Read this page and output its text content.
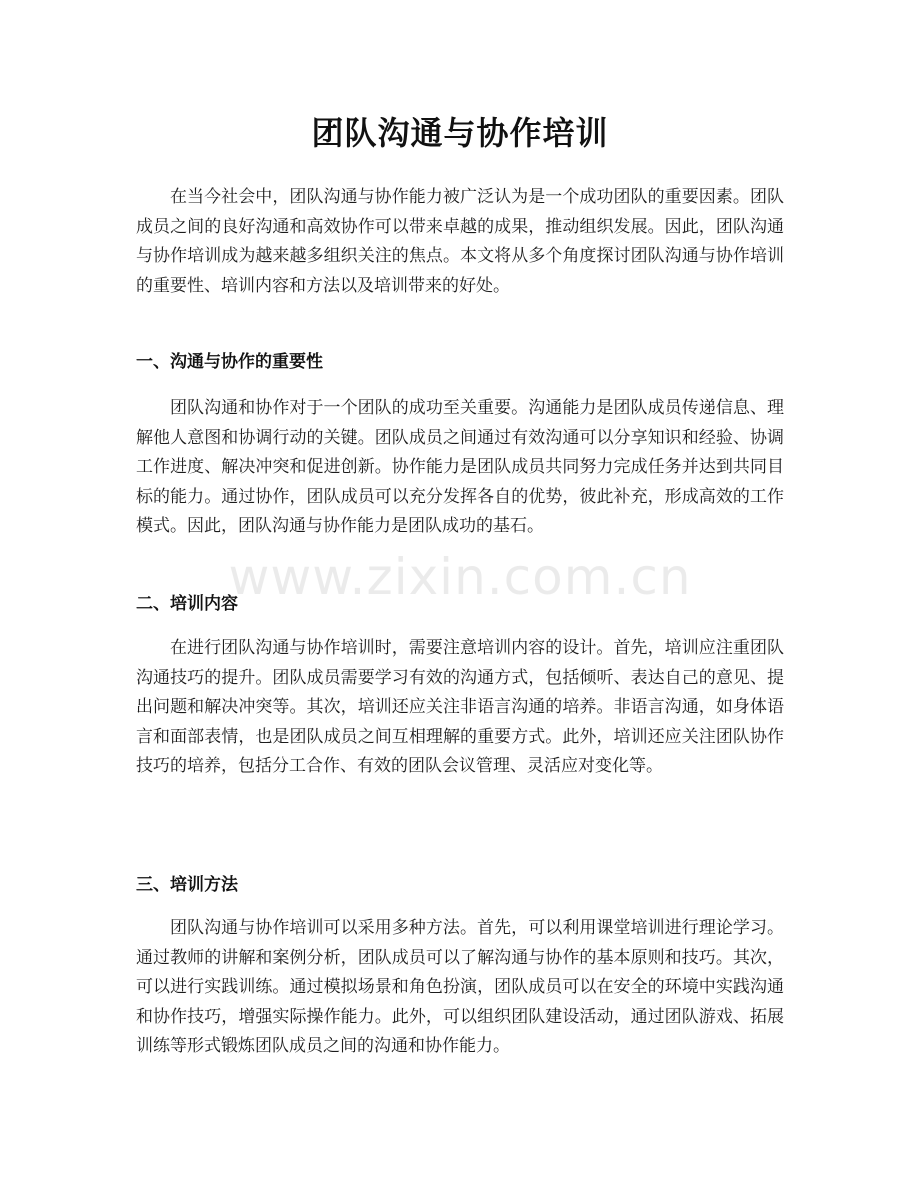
团队沟通与协作培训

在当今社会中，团队沟通与协作能力被广泛认为是一个成功团队的重要因素。团队成员之间的良好沟通和高效协作可以带来卓越的成果，推动组织发展。因此，团队沟通与协作培训成为越来越多组织关注的焦点。本文将从多个角度探讨团队沟通与协作培训的重要性、培训内容和方法以及培训带来的好处。

一、沟通与协作的重要性

团队沟通和协作对于一个团队的成功至关重要。沟通能力是团队成员传递信息、理解他人意图和协调行动的关键。团队成员之间通过有效沟通可以分享知识和经验、协调工作进度、解决冲突和促进创新。协作能力是团队成员共同努力完成任务并达到共同目标的能力。通过协作，团队成员可以充分发挥各自的优势，彼此补充，形成高效的工作模式。因此，团队沟通与协作能力是团队成功的基石。

二、培训内容

在进行团队沟通与协作培训时，需要注意培训内容的设计。首先，培训应注重团队沟通技巧的提升。团队成员需要学习有效的沟通方式，包括倾听、表达自己的意见、提出问题和解决冲突等。其次，培训还应关注非语言沟通的培养。非语言沟通，如身体语言和面部表情，也是团队成员之间互相理解的重要方式。此外，培训还应关注团队协作技巧的培养，包括分工合作、有效的团队会议管理、灵活应对变化等。

三、培训方法

团队沟通与协作培训可以采用多种方法。首先，可以利用课堂培训进行理论学习。通过教师的讲解和案例分析，团队成员可以了解沟通与协作的基本原则和技巧。其次，可以进行实践训练。通过模拟场景和角色扮演，团队成员可以在安全的环境中实践沟通和协作技巧，增强实际操作能力。此外，可以组织团队建设活动，通过团队游戏、拓展训练等形式锻炼团队成员之间的沟通和协作能力。

www.zixin.com.cn
